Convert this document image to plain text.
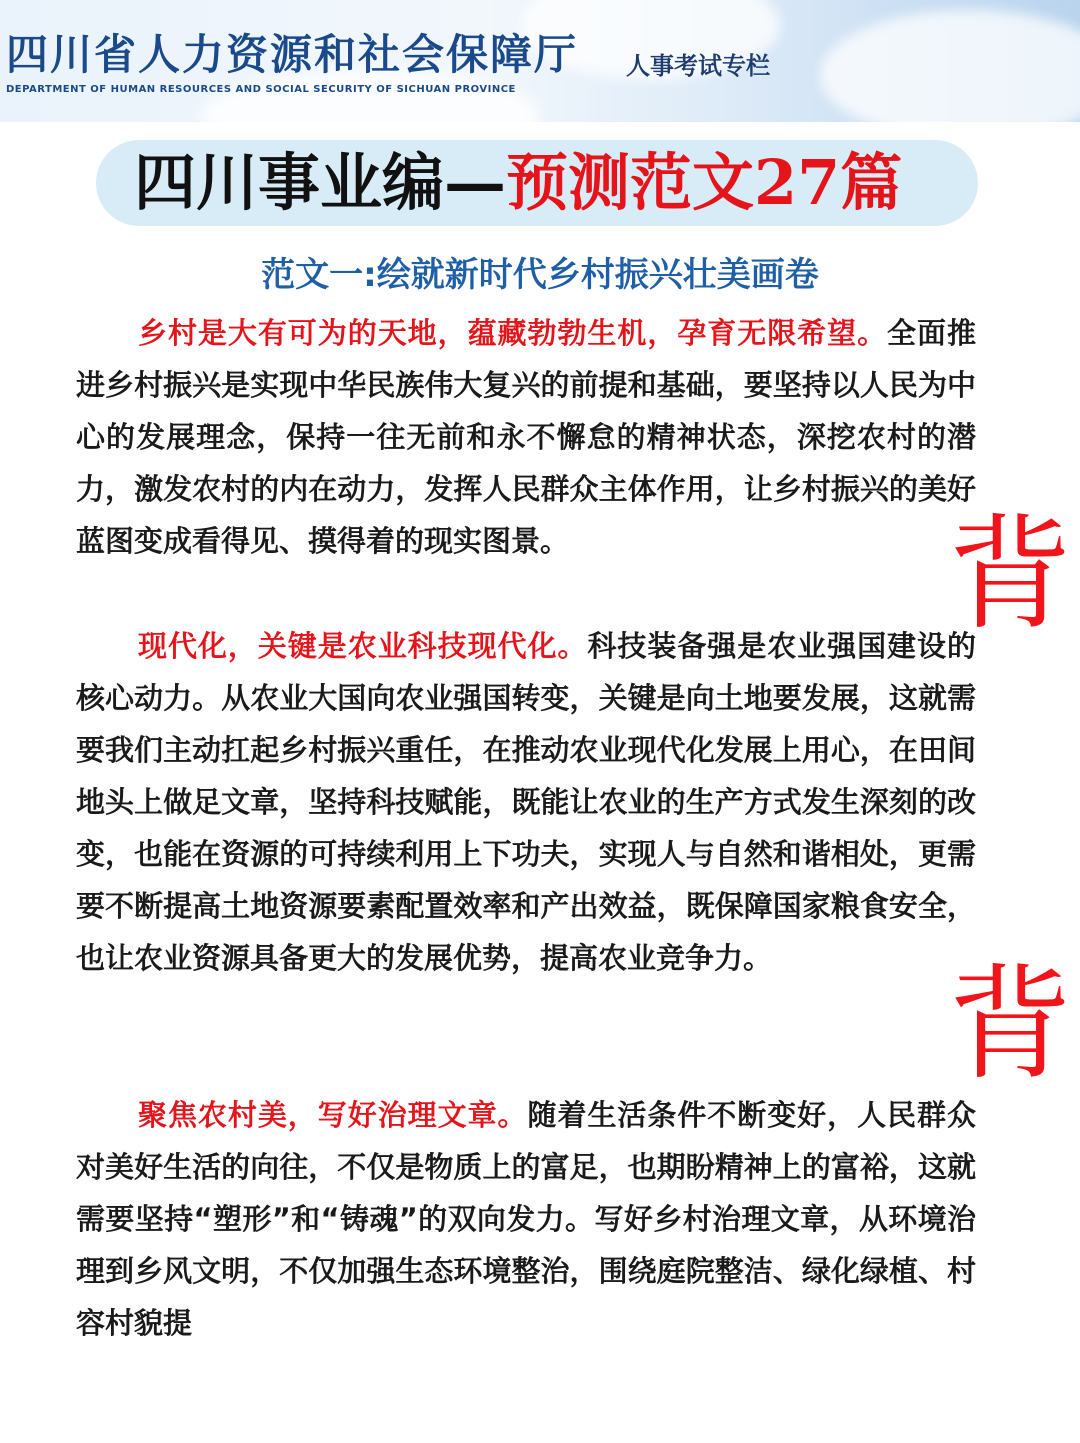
四川省人力资源和社会保障厅
DEPARTMENT OF HUMAN RESOURCES AND SOCIAL SECURITY OF SICHUAN PROVINCE
人事考试专栏
四川事业编—预测范文27篇
范文一:绘就新时代乡村振兴壮美画卷
乡村是大有可为的天地，蕴藏勃勃生机，孕育无限希望。全面推进乡村振兴是实现中华民族伟大复兴的前提和基础，要坚持以人民为中心的发展理念，保持一往无前和永不懈怠的精神状态，深挖农村的潜力，激发农村的内在动力，发挥人民群众主体作用，让乡村振兴的美好蓝图变成看得见、摸得着的现实图景。
现代化，关键是农业科技现代化。科技装备强是农业强国建设的核心动力。从农业大国向农业强国转变，关键是向土地要发展，这就需要我们主动扛起乡村振兴重任，在推动农业现代化发展上用心，在田间地头上做足文章，坚持科技赋能，既能让农业的生产方式发生深刻的改变，也能在资源的可持续利用上下功夫，实现人与自然和谐相处，更需要不断提高土地资源要素配置效率和产出效益，既保障国家粮食安全，也让农业资源具备更大的发展优势，提高农业竞争力。
聚焦农村美，写好治理文章。随着生活条件不断变好，人民群众对美好生活的向往，不仅是物质上的富足，也期盼精神上的富裕，这就需要坚持“塑形”和“铸魂”的双向发力。写好乡村治理文章，从环境治理到乡风文明，不仅加强生态环境整治，围绕庭院整洁、绿化绿植、村容村貌提
背
背
